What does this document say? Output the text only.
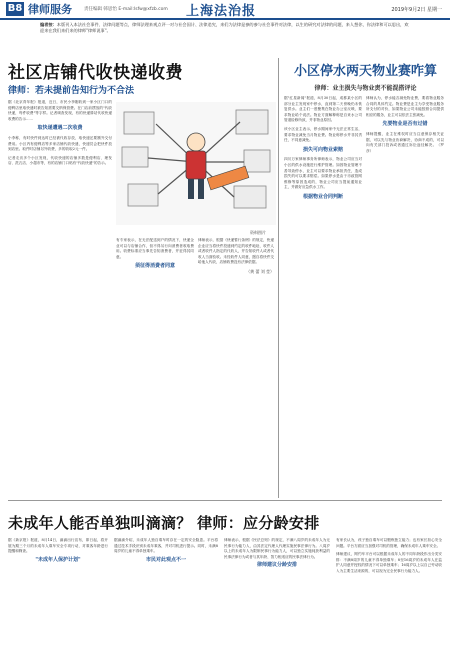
B8 律师服务	责任编辑 韩思怡 E-mail:lsfw@xfzb.com 上海法治报	2019年9月2日 星期一
编者按：本版刊入本法社会事件、法律问题等点，律师法理来观点评一对与社会国计、法律追究，来们为法律是参的参与社会事件对法律，以生的研究对法律的问题，来人想你，你法律和可以思出，欢迎来在我们来们来的律师"律师说事"。
社区店铺代收快递收费
律师：若未提前告知行为不合法
据《北京青年报》报道，近日，市民小李刚收到一家小区门口的便利店里取快递时被告知需要交纳保管费。在门店前摆放的"代收快递，每件收费"等字样。记者调查发现，有的快递驿站代收快递收费的告示……
取快递遭遇二次收费
小李称，有时快件到达时已经被代收存放，取快递还要额外交付费用。小区内有便利店等多家店铺代收快递，快递员会把快件放到店里。取件时店铺另外收费，多的收取2元一件。
记者走访多个小区发现，代收快递的店铺多数是便利店、理发店、洗衣店、小超市等，有的店铺门口贴有"代收快递"的告示。
资料图片
有专家表示，在无法配送到户的情况下，快递企业可以与店铺合作，但不得另行向消费者收取费用。收费标准应当事先告知消费者，并征得其同意。
须征得消费者同意
律师表示，根据《快递暂行条例》的规定，快递企业应当将快件投递到约定的收件地址、收件人或者收件人指定的代收人，并告知收件人或者代收人当面验收。未经收件人同意，擅自将快件交给他人代收，店铺收费没有法律依据。
（黄 蕾 刘 莹）
小区停水两天物业赛咋算
律师：业主损失与物业责不能混搭评论
据"红星新闻"报道，8月30日起，成都某小区的部分业主发现家中停水，直到第二天傍晚仍未恢复供水。业主们一度聚集在物业办公室反映，要求物业给个说法。物业方面解释称是自来水公司管道检修所致，并非物业原因。
该小区业主表示，停水期间家中无法正常生活，要求物业减免当月物业费。物业称停水并非其责任，不同意减免。
损失可向物业索赔
四川万家律师事务所律师表示，物业公司应当对小区的供水设施进行维护管理。如因物业管理不善导致停水，业主可以要求物业承担责任，造成损失的可以要求赔偿。如果停水是由于市政管网维修等原因造成的，物业公司应当提前通知业主，并做好应急供水工作。
根据物业合同判断
律师认为，停水能否减免物业费，要看物业服务合同的具体约定。物业费是业主为享受物业服务所支付的对价，如果物业公司未能按照合同提供相应的服务，业主可以依法主张减免。
先要物业是否有过错
律师提醒，业主在维权时应当注意保存相关证据，可以先与物业协商解决，协商不成的，可以向有关部门投诉或者通过诉讼途径解决。（罗 彦）
未成年人能否单独叫滴滴？ 律师：应分龄安排
据《新京报》报道，8月14日，滴滴出行宣布，即日起，将开展为期三个月的未成年人乘车安全专项行动，对乘客年龄进行提醒和筛查。
"未成年人保护计划"
据滴滴介绍，未成年人独自乘车时存在一定的安全隐患。平台将通过技术手段识别未成年乘客，并对司机进行提示。同时，未满8周岁的儿童不得单独乘车。
市民对此观点不一
律师表示，根据《民法总则》的规定，不满八周岁的未成年人为无民事行为能力人，由其法定代理人代理实施民事法律行为。八周岁以上的未成年人为限制民事行为能力人，可以独立实施纯获利益的民事法律行为或者与其年龄、智力相适应的民事法律行为。
律师建议分龄安排
有家长认为，孩子独自乘车可以锻炼独立能力；也有家长担心安全问题。平台方面应当加强对司机的管理，确保未成年人乘车安全。
律师建议，网约车平台可以根据未成年人的不同年龄段作出分类安排：不满8周岁的儿童不得单独乘车；8至16周岁的未成年人在监护人同意并授权的情况下可以单独乘车；16周岁以上以自己劳动收入为主要生活来源的，可以视为完全民事行为能力人。
